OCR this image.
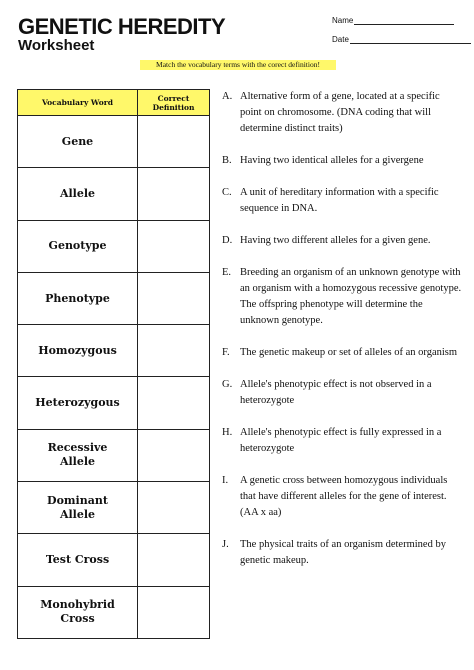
GENETIC HEREDITY
Worksheet
Name
Date
Match the vocabulary terms with the corect definition!
Vocabulary Word	Correct Definition
Gene	
Allele	
Genotype	
Phenotype	
Homozygous	
Heterozygous	
Recessive Allele	
Dominant Allele	
Test Cross	
Monohybrid Cross	
A. Alternative form of a gene, located at a specific point on chromosome. (DNA coding that will determine distinct traits)
B. Having two identical alleles for a givergene
C. A unit of hereditary information with a specific sequence in DNA.
D. Having two different alleles for a given gene.
E. Breeding an organism of an unknown genotype with an organism with a homozygous recessive genotype. The offspring phenotype will determine the unknown genotype.
F. The genetic makeup or set of alleles of an organism
G. Allele's phenotypic effect is not observed in a heterozygote
H. Allele's phenotypic effect is fully expressed in a heterozygote
I.	A genetic cross between homozygous individuals that have different alleles for the gene of interest. (AA x aa)
J.	The physical traits of an organism determined by genetic makeup.
